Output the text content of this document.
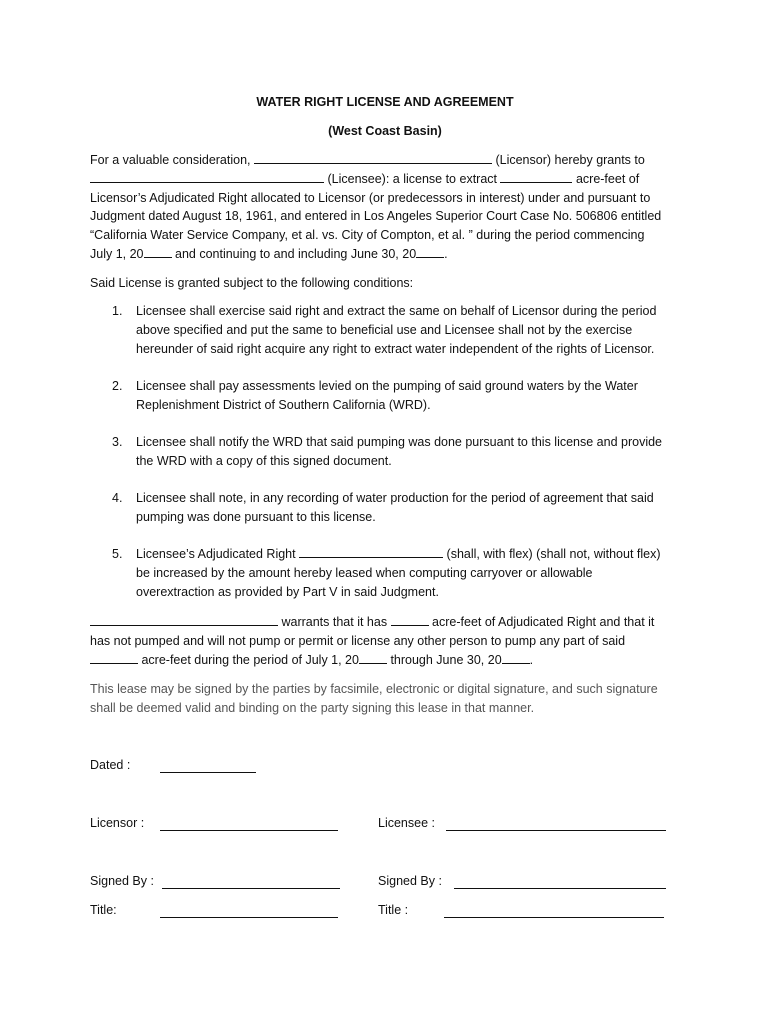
WATER RIGHT LICENSE AND AGREEMENT
(West Coast Basin)
For a valuable consideration,	(Licensor) hereby grants to
(Licensee): a license to extract	acre-feet of
Licensor’s Adjudicated Right allocated to Licensor (or predecessors in interest) under and pursuant to
Judgment dated August 18, 1961, and entered in Los Angeles Superior Court Case No. 506806 entitled
“California Water Service Company, et al. vs. City of Compton, et al. ” during the period commencing
July 1, 20 and continuing to and including June 30, 20 .
Said License is granted subject to the following conditions:
1.	Licensee shall exercise said right and extract the same on behalf of Licensor during the period
above specified and put the same to beneficial use and Licensee shall not by the exercise
hereunder of said right acquire any right to extract water independent of the rights of Licensor.
2.	Licensee shall pay assessments levied on the pumping of said ground waters by the Water
Replenishment District of Southern California (WRD).
3.	Licensee shall notify the WRD that said pumping was done pursuant to this license and provide
the WRD with a copy of this signed document.
4.	Licensee shall note, in any recording of water production for the period of agreement that said
pumping was done pursuant to this license.
5.	Licensee’s Adjudicated Right	(shall, with flex) (shall not, without flex)
be increased by the amount hereby leased when computing carryover or allowable
overextraction as provided by Part V in said Judgment.
warrants that it has	acre-feet of Adjudicated Right and that it
has not pumped and will not pump or permit or license any other person to pump any part of said
acre-feet during the period of July 1, 20 through June 30, 20 .
This lease may be signed by the parties by facsimile, electronic or digital signature, and such signature
shall be deemed valid and binding on the party signing this lease in that manner.
Dated :
Licensor :	Licensee :
Signed By :	Signed By :
Title:	Title :
